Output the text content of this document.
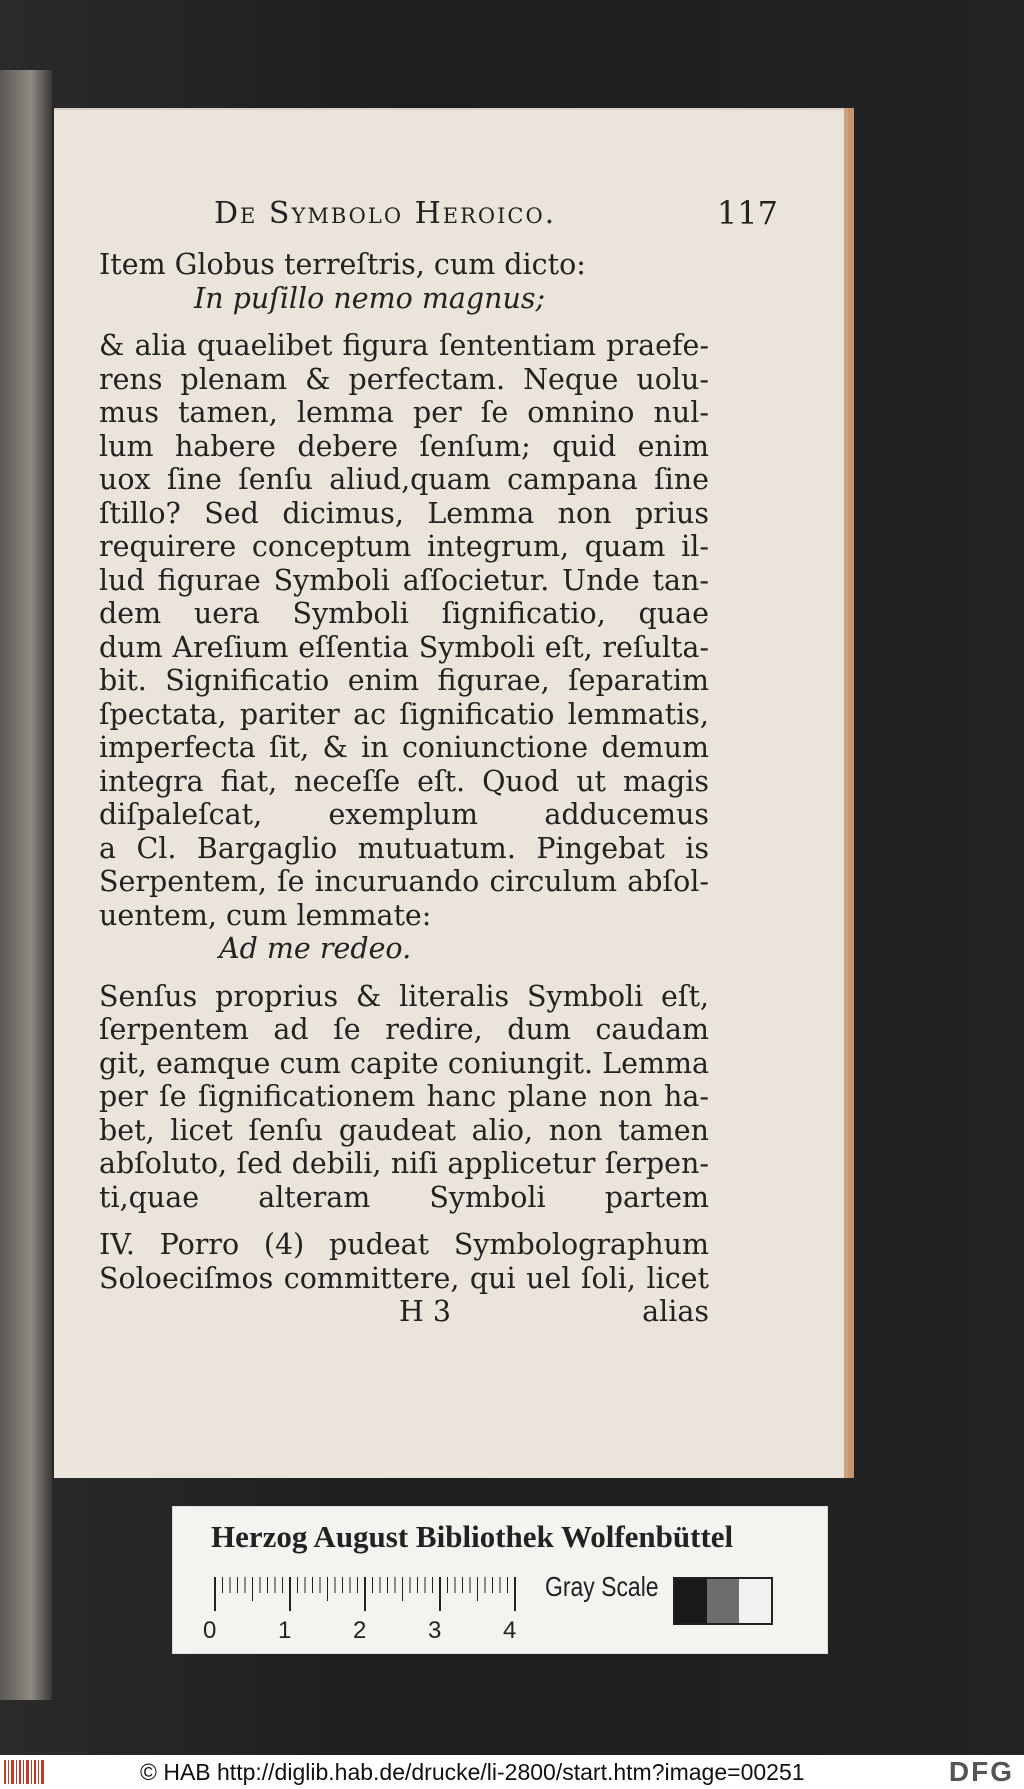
De Symbolo Heroico.	117
Item Globus terreſtris, cum dicto:
In puſillo nemo magnus;
& alia quaelibet figura ſententiam praefe-
rens plenam & perfectam. Neque uolu-
mus tamen, lemma per ſe omnino nul-
lum habere debere ſenſum; quid enim
uox ſine ſenſu aliud,quam campana ſine
ſtillo? Sed dicimus, Lemma non prius
requirere conceptum integrum, quam il-
lud figurae Symboli aſſocietur. Unde tan-
dem uera Symboli ſignificatio, quae
dum Areſium eſſentia Symboli eſt, reſulta-
bit. Significatio enim figurae, ſeparatim
ſpectata, pariter ac ſignificatio lemmatis,
imperfecta ſit, & in coniunctione demum
integra fiat, neceſſe eſt. Quod ut magis
diſpaleſcat, exemplum adducemus
a Cl. Bargaglio mutuatum. Pingebat is
Serpentem, ſe incuruando circulum abſol-
uentem, cum lemmate:
Ad me redeo.
Senſus proprius & literalis Symboli eſt,
ſerpentem ad ſe redire, dum caudam
git, eamque cum capite coniungit. Lemma
per ſe ſignificationem hanc plane non ha-
bet, licet ſenſu gaudeat alio, non tamen
abſoluto, ſed debili, niſi applicetur ſerpen-
ti,quae alteram Symboli partem
IV. Porro (4) pudeat Symbolographum
Soloeciſmos committere, qui uel ſoli, licet
H 3	alias
Herzog August Bibliothek Wolfenbüttel
0	1	2	3	4
Gray Scale
© HAB http://diglib.hab.de/drucke/li-2800/start.htm?image=00251	DFG
